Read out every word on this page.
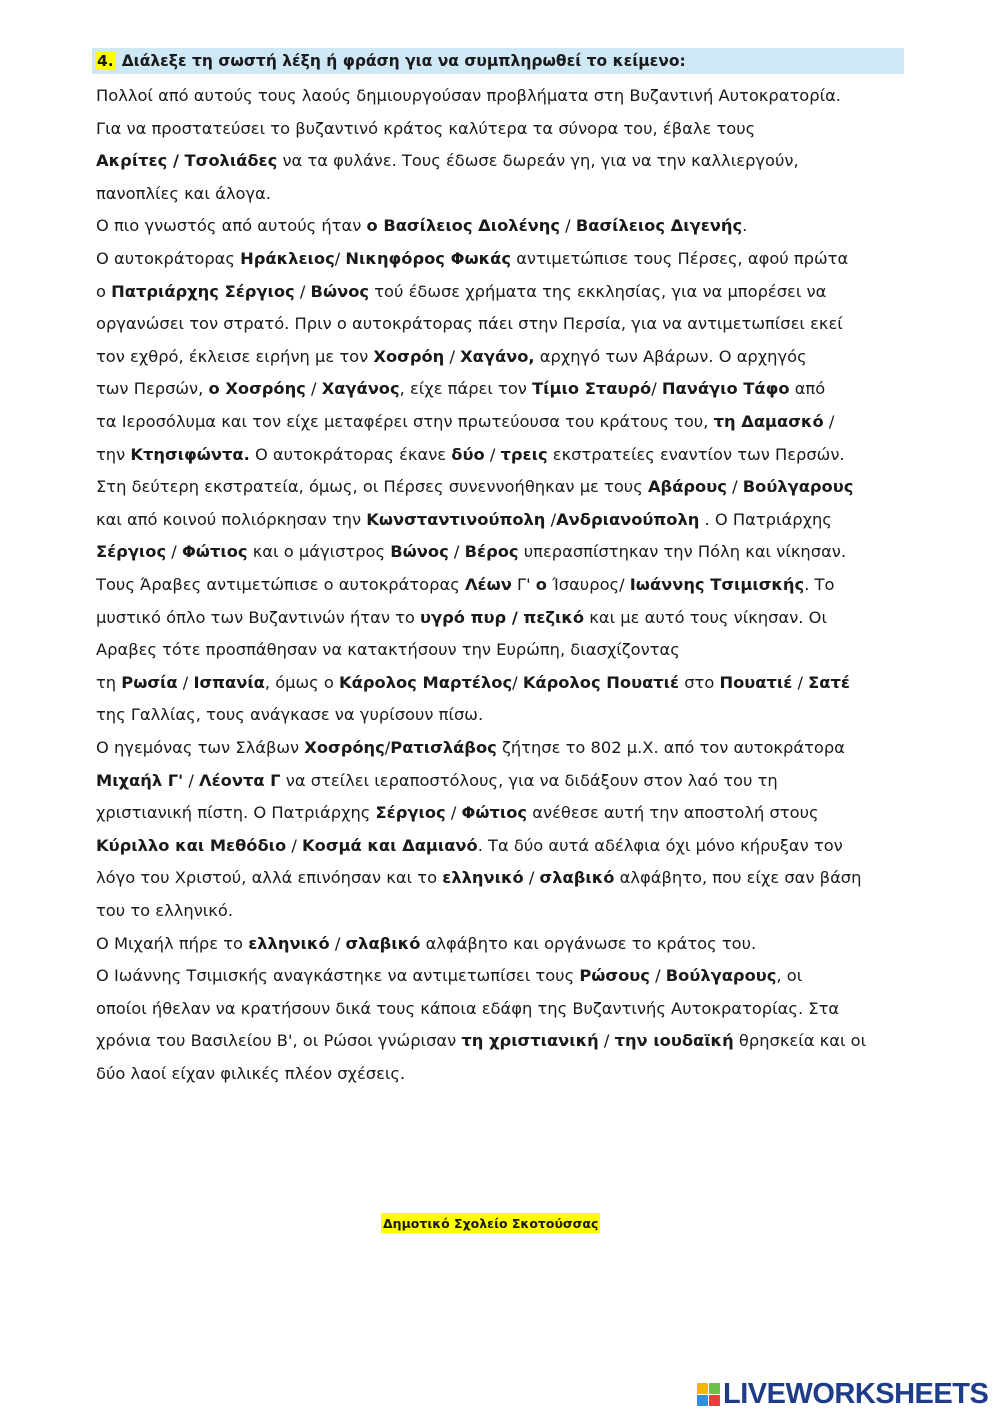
4. Διάλεξε τη σωστή λέξη ή φράση για να συμπληρωθεί το κείμενο:
Πολλοί από αυτούς τους λαούς δημιουργούσαν προβλήματα στη Βυζαντινή Αυτοκρατορία.
Για να προστατεύσει το βυζαντινό κράτος καλύτερα τα σύνορα του, έβαλε τους
Ακρίτες / Τσολιάδες να τα φυλάνε. Τους έδωσε δωρεάν γη, για να την καλλιεργούν,
πανοπλίες και άλογα.
Ο πιο γνωστός από αυτούς ήταν ο Βασίλειος Διολένης / Βασίλειος Διγενής.
Ο αυτοκράτορας Ηράκλειος/ Νικηφόρος Φωκάς αντιμετώπισε τους Πέρσες, αφού πρώτα
ο Πατριάρχης Σέργιος / Βώνος τού έδωσε χρήματα της εκκλησίας, για να μπορέσει να
οργανώσει τον στρατό. Πριν ο αυτοκράτορας πάει στην Περσία, για να αντιμετωπίσει εκεί
τον εχθρό, έκλεισε ειρήνη με τον Χοσρόη / Χαγάνο, αρχηγό των Αβάρων. Ο αρχηγός
των Περσών, ο Χοσρόης / Χαγάνος, είχε πάρει τον Τίμιο Σταυρό/ Πανάγιο Τάφο από
τα Ιεροσόλυμα και τον είχε μεταφέρει στην πρωτεύουσα του κράτους του, τη Δαμασκό /
την Κτησιφώντα. Ο αυτοκράτορας έκανε δύο / τρεις εκστρατείες εναντίον των Περσών.
Στη δεύτερη εκστρατεία, όμως, οι Πέρσες συνεννοήθηκαν με τους Αβάρους / Βούλγαρους
και από κοινού πολιόρκησαν την Κωνσταντινούπολη /Ανδριανούπολη . Ο Πατριάρχης
Σέργιος / Φώτιος και ο μάγιστρος Βώνος / Βέρος υπερασπίστηκαν την Πόλη και νίκησαν.
Τους Άραβες αντιμετώπισε ο αυτοκράτορας Λέων Γ' ο Ίσαυρος/ Ιωάννης Τσιμισκής. Το
μυστικό όπλο των Βυζαντινών ήταν το υγρό πυρ / πεζικό και με αυτό τους νίκησαν. Οι
Αραβες τότε προσπάθησαν να κατακτήσουν την Ευρώπη, διασχίζοντας
τη Ρωσία / Ισπανία, όμως ο Κάρολος Μαρτέλος/ Κάρολος Πουατιέ στο Πουατιέ / Σατέ
της Γαλλίας, τους ανάγκασε να γυρίσουν πίσω.
Ο ηγεμόνας των Σλάβων Χοσρόης/Ρατισλάβος ζήτησε το 802 μ.Χ. από τον αυτοκράτορα
Μιχαήλ Γ' / Λέοντα Γ να στείλει ιεραποστόλους, για να διδάξουν στον λαό του τη
χριστιανική πίστη. Ο Πατριάρχης Σέργιος / Φώτιος ανέθεσε αυτή την αποστολή στους
Κύριλλο και Μεθόδιο / Κοσμά και Δαμιανό. Τα δύο αυτά αδέλφια όχι μόνο κήρυξαν τον
λόγο του Χριστού, αλλά επινόησαν και το ελληνικό / σλαβικό αλφάβητο, που είχε σαν βάση
του το ελληνικό.
Ο Μιχαήλ πήρε το ελληνικό / σλαβικό αλφάβητο και οργάνωσε το κράτος του.
Ο Ιωάννης Τσιμισκής αναγκάστηκε να αντιμετωπίσει τους Ρώσους / Βούλγαρους, οι
οποίοι ήθελαν να κρατήσουν δικά τους κάποια εδάφη της Βυζαντινής Αυτοκρατορίας. Στα
χρόνια του Βασιλείου Β', οι Ρώσοι γνώρισαν τη χριστιανική / την ιουδαϊκή θρησκεία και οι
δύο λαοί είχαν φιλικές πλέον σχέσεις.
Δημοτικό Σχολείο Σκοτούσσας
LIVEWORKSHEETS
